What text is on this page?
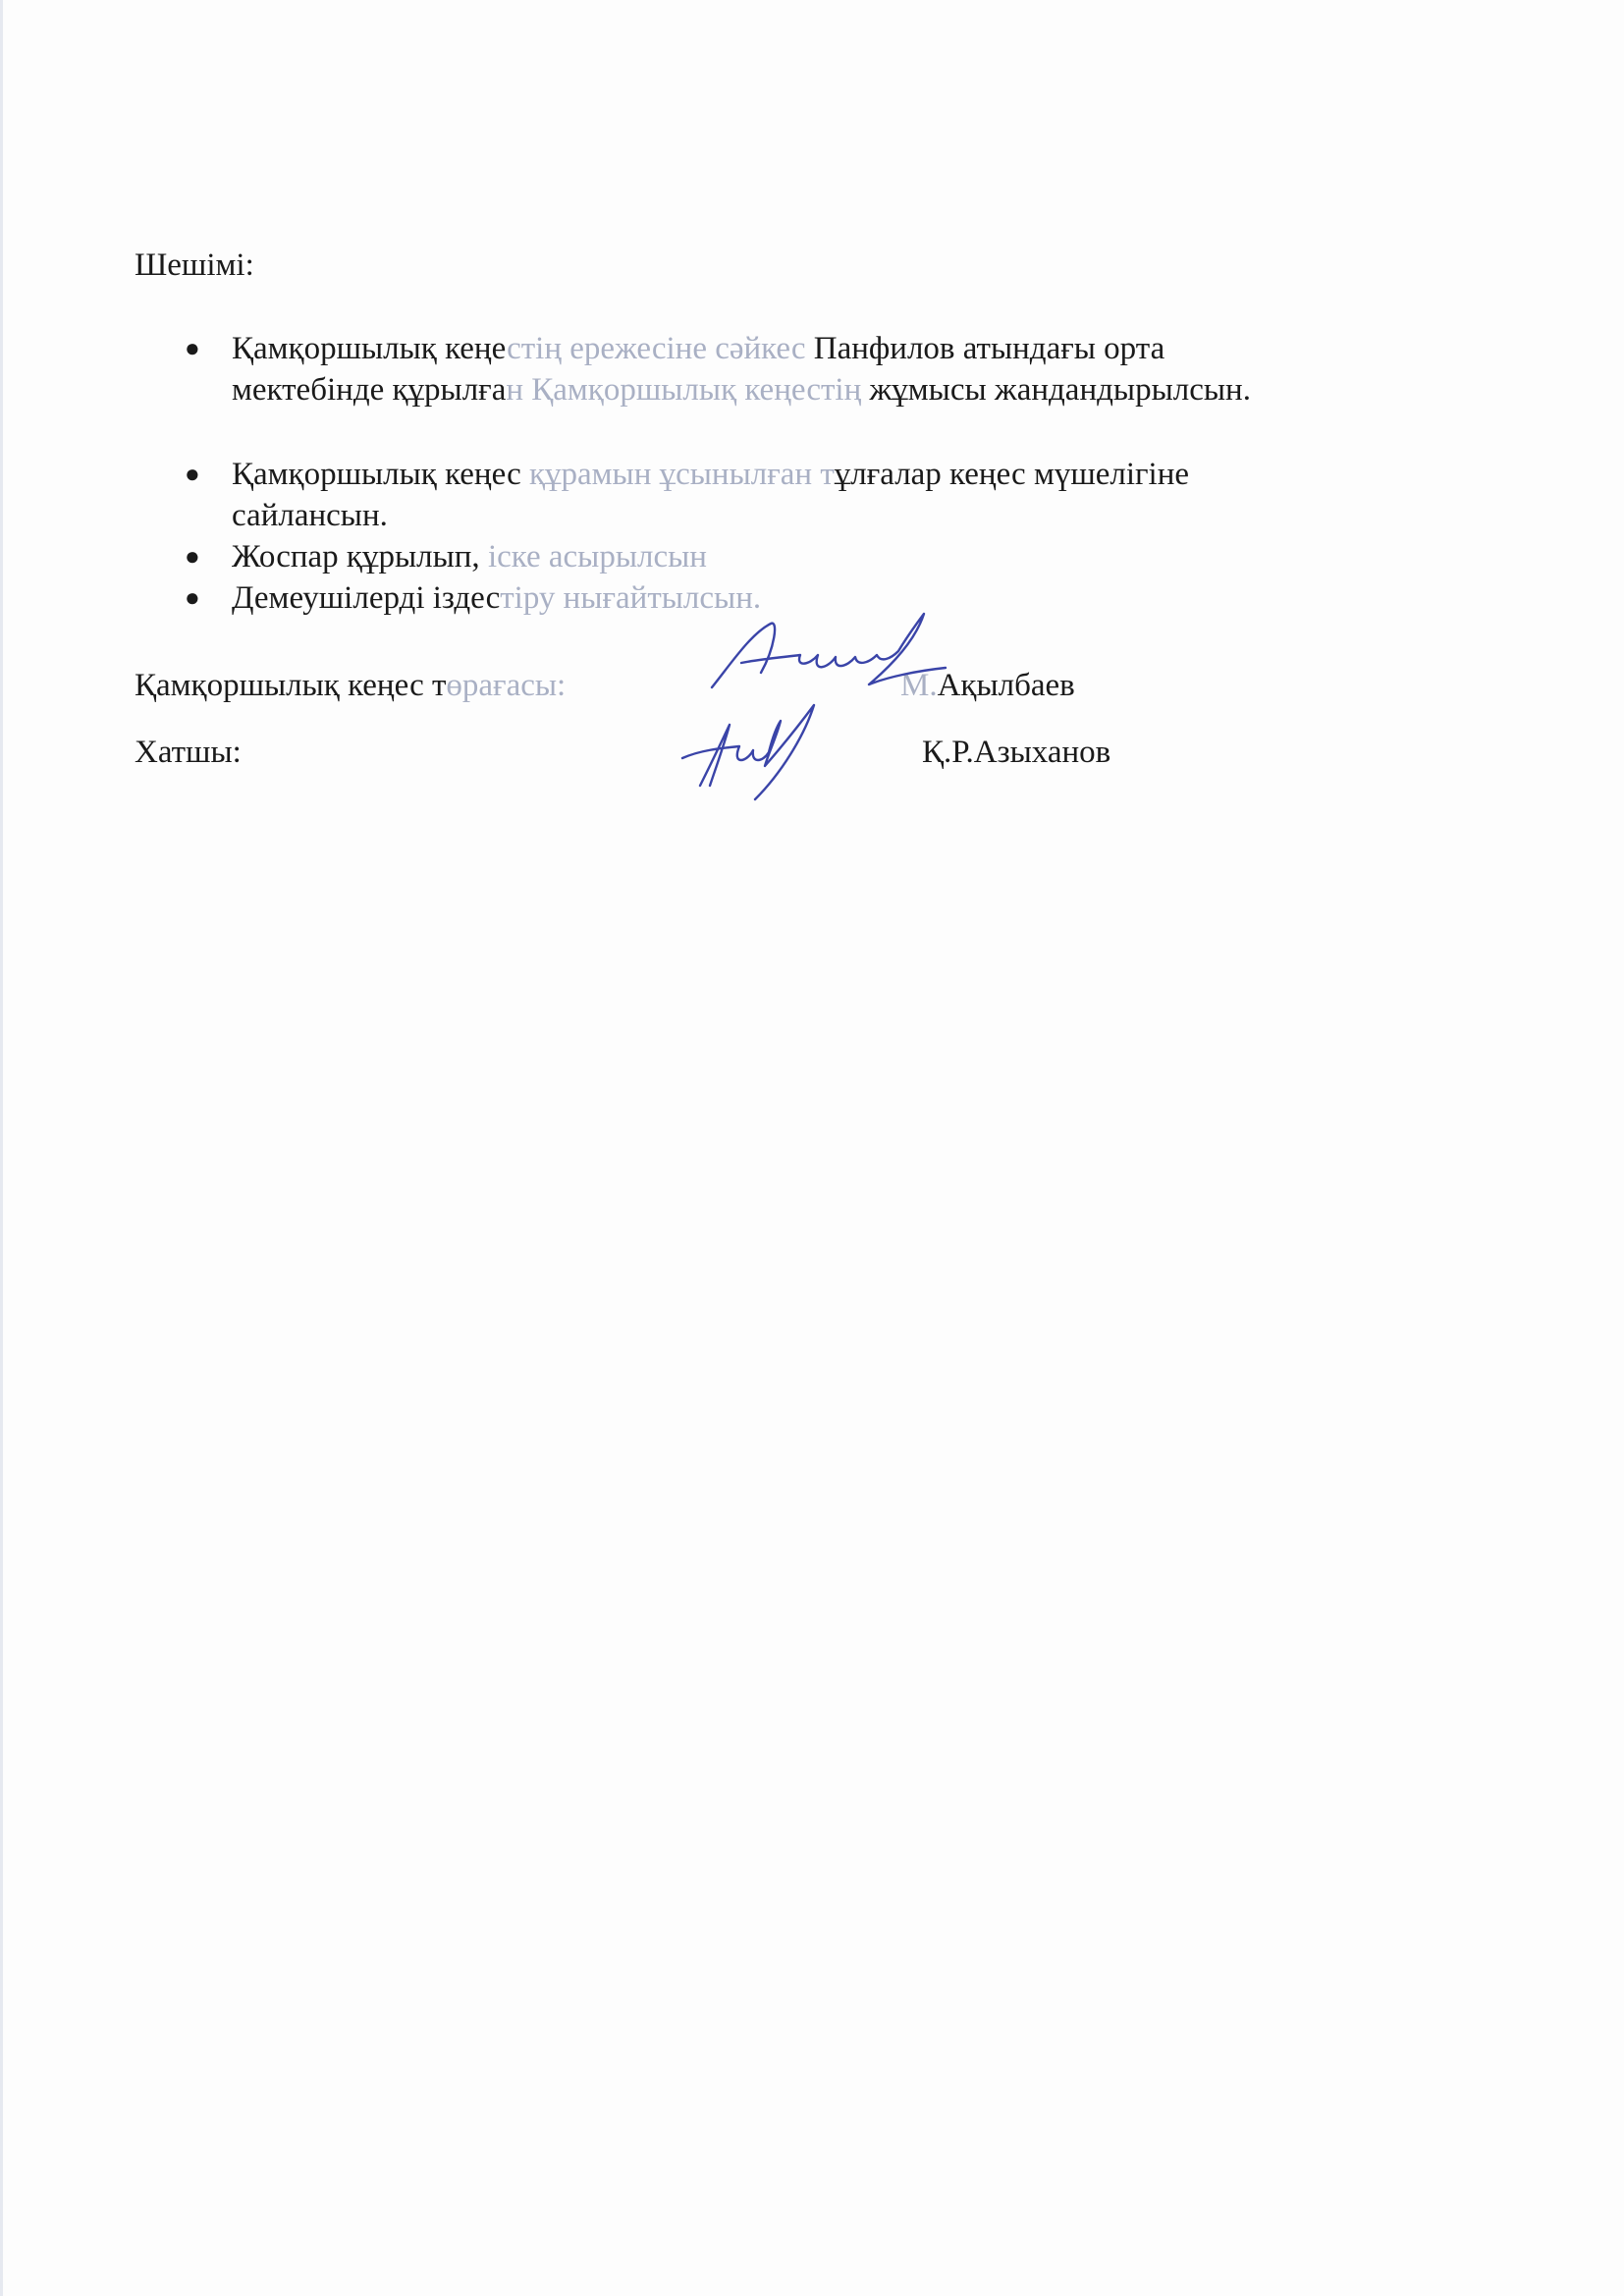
Шешімі:
● Қамқоршылық кеңестің ережесіне сәйкес Панфилов атындағы орта
мектебінде құрылған Қамқоршылық кеңестің жұмысы жандандырылсын.
● Қамқоршылық кеңес құрамын ұсынылған тұлғалар кеңес мүшелігіне
сайлансын.
● Жоспар құрылып, іске асырылсын
● Демеушілерді іздестіру нығайтылсын.
Қамқоршылық кеңес төрағасы:	М.Ақылбаев
Хатшы:	Қ.Р.Азыханов
